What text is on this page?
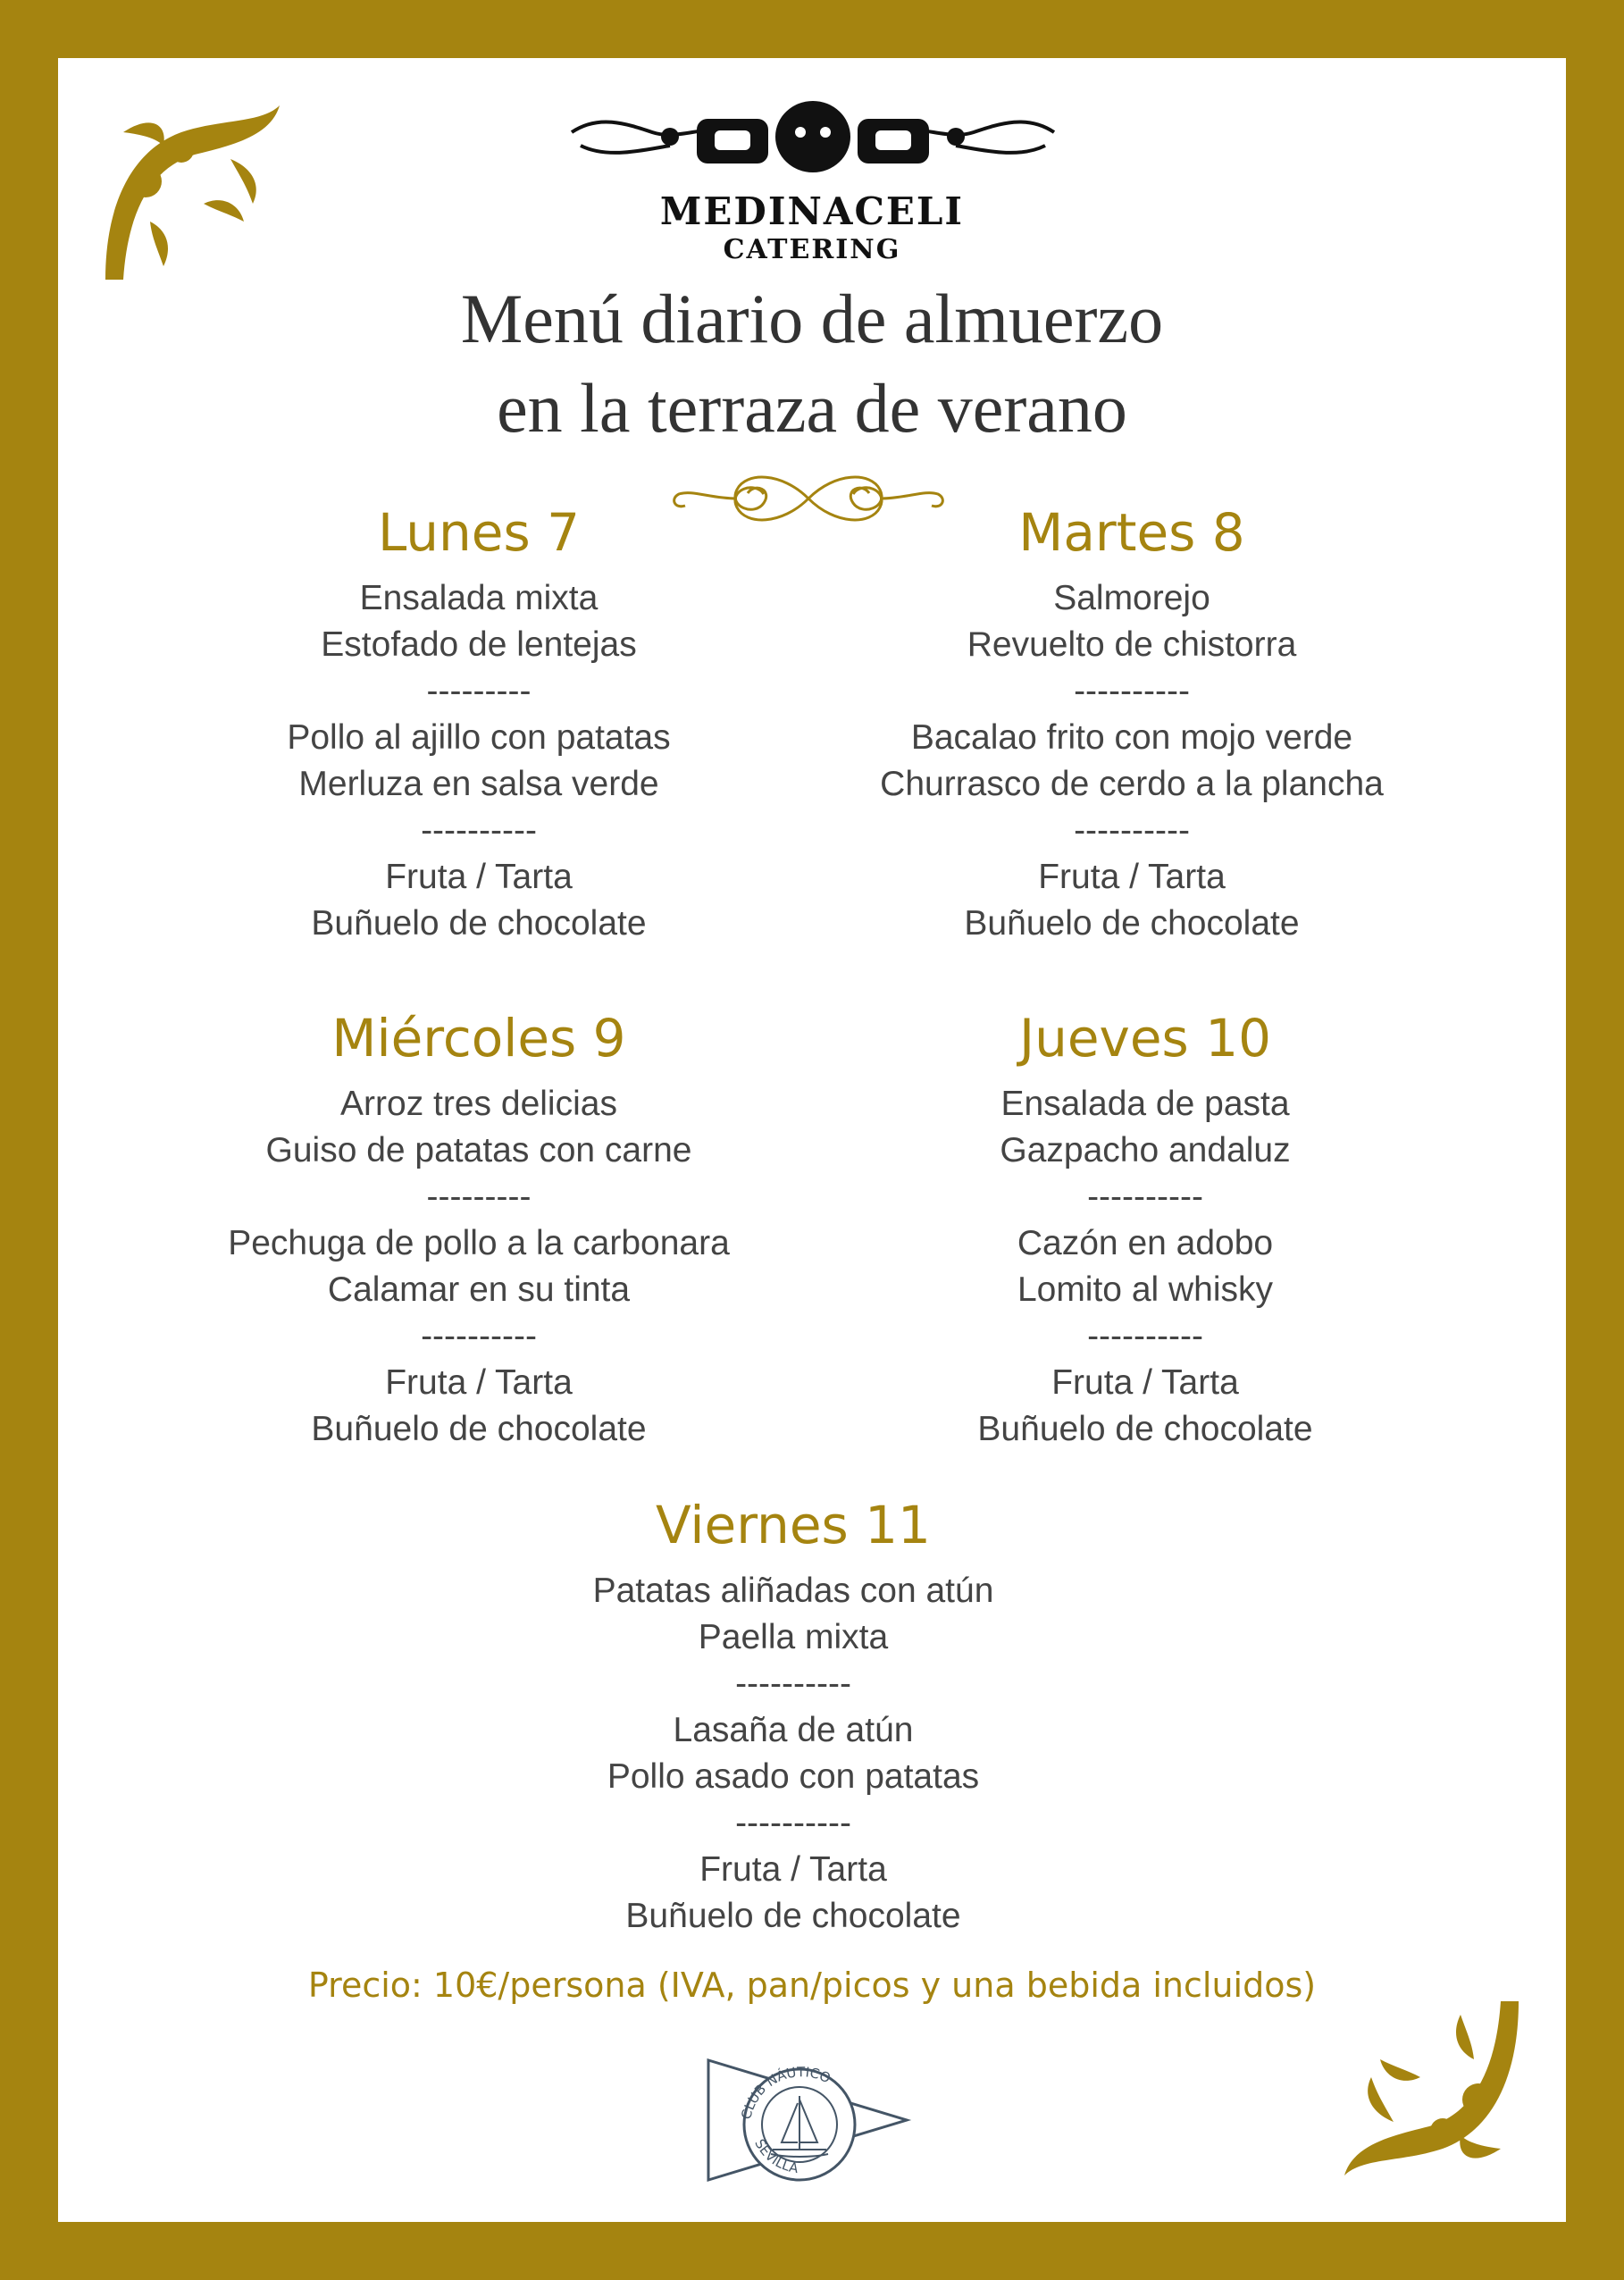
MEDINACELI
CATERING
Menú diario de almuerzo
en la terraza de verano
Lunes 7
Ensalada mixta
Estofado de lentejas
---------
Pollo al ajillo con patatas
Merluza en salsa verde
----------
Fruta / Tarta
Buñuelo de chocolate
Martes 8
Salmorejo
Revuelto de chistorra
----------
Bacalao frito con mojo verde
Churrasco de cerdo a la plancha
----------
Fruta / Tarta
Buñuelo de chocolate
Miércoles 9
Arroz tres delicias
Guiso de patatas con carne
---------
Pechuga de pollo a la carbonara
Calamar en su tinta
----------
Fruta / Tarta
Buñuelo de chocolate
Jueves 10
Ensalada de pasta
Gazpacho andaluz
----------
Cazón en adobo
Lomito al whisky
----------
Fruta / Tarta
Buñuelo de chocolate
Viernes 11
Patatas aliñadas con atún
Paella mixta
----------
Lasaña de atún
Pollo asado con patatas
----------
Fruta / Tarta
Buñuelo de chocolate
Precio: 10€/persona (IVA, pan/picos y una bebida incluidos)
CLUB NÁUTICO
SEVILLA
